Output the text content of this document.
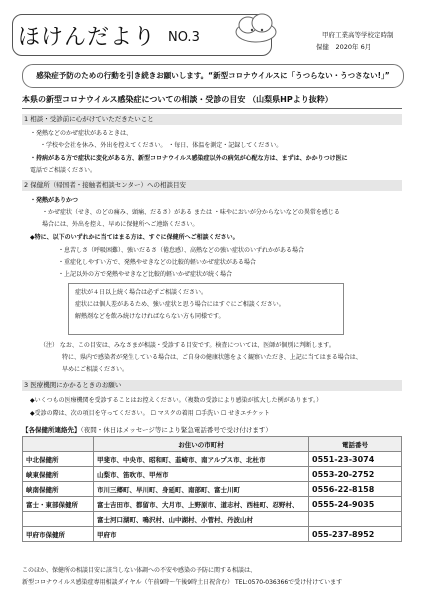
ほけんだより NO.3	甲府工業高等学校定時制
保健　 2020年 6月
感染症予防のための行動を引き続きお願いします。“新型コロナウイルスに「うつらない・うつさない!」”
本県の新型コロナウイルス感染症についての相談・受診の目安 （山梨県HPより抜粋）
1 相談・受診前に心がけていただきたいこと
・発熱などのかぜ症状があるときは、
・学校や会社を休み、外出を控えてください。 ・毎日、体温を測定・記録してください。
・持病がある方で症状に変化がある方、新型コロナウイルス感染症以外の病気が心配な方は、まずは、かかりつけ医に
電話でご相談ください。
2 保健所（帰国者・接触者相談センター）への相談目安
・発熱がありかつ
・かぜ症状（せき、のどの痛み、頭痛、だるさ）がある または ・味やにおいが分からないなどの異常を感じる
場合には、外出を控え、早めに保健所へご連絡ください。
◆特に、以下のいずれかに当てはまる方は、すぐに保健所へご相談ください。
・息苦しさ（呼吸困難）、強いだるさ（倦怠感）、高熱などの強い症状のいずれかがある場合
・重症化しやすい方で、発熱やせきなどの比較的軽いかぜ症状がある場合
・上記以外の方で発熱やせきなど比較的軽いかぜ症状が続く場合
症状が４日以上続く場合は必ずご相談ください。
症状には個人差があるため、強い症状と思う場合にはすぐにご相談ください。
解熱剤などを飲み続けなければならない方も同様です。
（注） なお、この目安は、みなさまが相談・受診する目安です。検査については、医師が個別に判断します。
特に、県内で感染者が発生している場合は、ご自身の健康状態をよく観察いただき、上記に当てはまる場合は、
早めにご相談ください。
3 医療機関にかかるときのお願い
◆いくつもの医療機関を受診することはお控えください。（複数の受診により感染が拡大した例があります。）
◆受診の際は、次の項目を守ってください。 ☐ マスクの着用 ☐手洗い ☐ せきエチケット
【各保健所連絡先】（夜間・休日はメッセージ等により緊急電話番号で受け付けます）
	お住いの市町村	電話番号
中北保健所	甲斐市、中央市、昭和町、韮崎市、南アルプス市、北杜市	0551-23-3074
峡東保健所	山梨市、笛吹市、甲州市	0553-20-2752
峡南保健所	市川三郷町、早川町、身延町、南部町、富士川町	0556-22-8158
富士・東部保健所	富士吉田市、都留市、大月市、上野原市、道志村、西桂町、忍野村、	0555-24-9035
	富士河口湖町、鳴沢村、山中湖村、小菅村、丹波山村	
甲府市保健所	甲府市	055-237-8952
このほか、保健所の相談目安に該当しない体調への不安や感染の予防に関する相談は、
新型コロナウイルス感染症専用相談ダイヤル（午前9時〜午後9時土日祝含む） TEL:0570-036366で受け付けています
